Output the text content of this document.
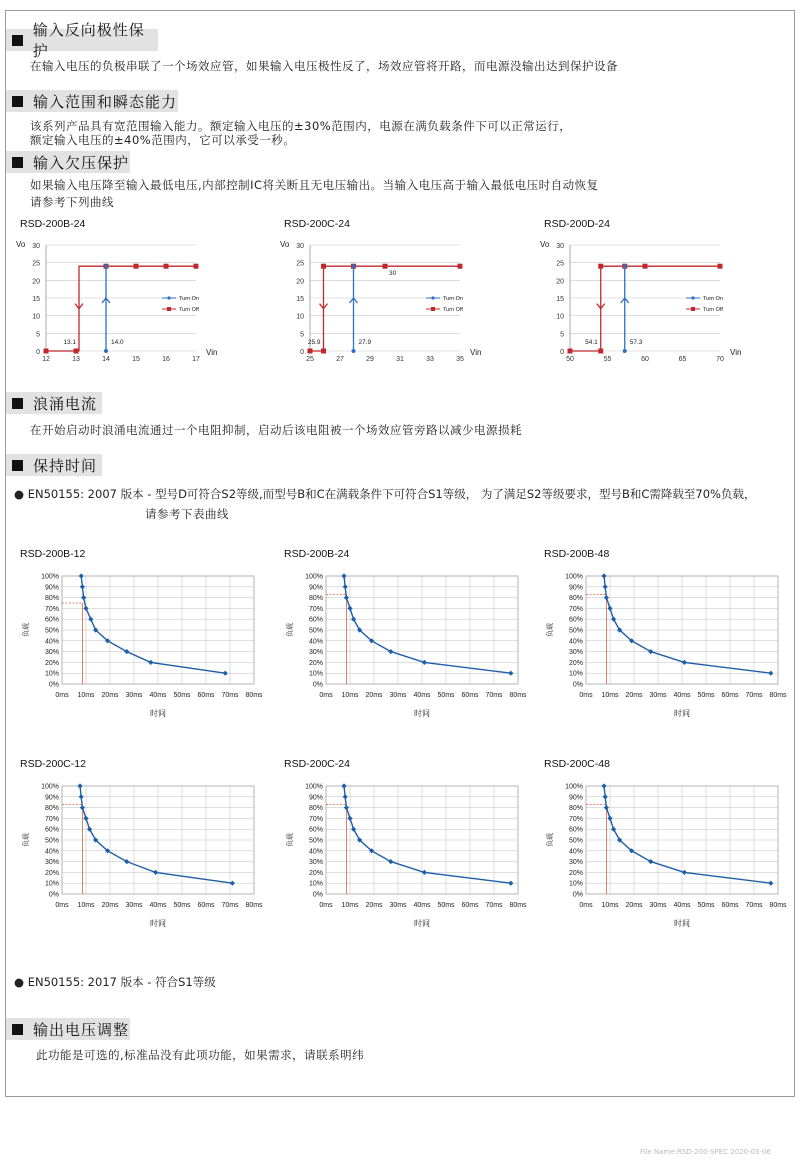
输入反向极性保护
在输入电压的负极串联了一个场效应管，如果输入电压极性反了，场效应管将开路，而电源没输出达到保护设备
输入范围和瞬态能力
该系列产品具有宽范围输入能力。额定输入电压的±30%范围内，电源在满负载条件下可以正常运行，
额定输入电压的±40%范围内，它可以承受一秒。
输入欠压保护
如果输入电压降至输入最低电压,内部控制IC将关断且无电压输出。当输入电压高于输入最低电压时自动恢复
请参考下列曲线
RSD-200B-24
0
5
10
15
20
25
30
12	13	14	15	16	17
Vo
Vin
13.1	14.0
Turn On
Turn Off
RSD-200C-24
0
5
10
15
20
25
30
25	27	29	31	33	35
Vo
Vin
25.9	27.9
30
Turn On
Turn Off
RSD-200D-24
0
5
10
15
20
25
30
50	55	60	65	70
Vo
Vin
54.1	57.3
Turn On
Turn Off
浪涌电流
在开始启动时浪涌电流通过一个电阻抑制，启动后该电阻被一个场效应管旁路以减少电源损耗
保持时间
● EN50155: 2007 版本 - 型号D可符合S2等级,而型号B和C在满载条件下可符合S1等级， 为了满足S2等级要求，型号B和C需降载至70%负载，
请参考下表曲线
RSD-200B-12
0%
10%
20%
30%
40%
50%
60%
70%
80%
90%
100%
0ms 10ms 20ms 30ms 40ms 50ms 60ms 70ms 80ms
负载
时间
RSD-200B-24
0%
10%
20%
30%
40%
50%
60%
70%
80%
90%
100%
0ms 10ms 20ms 30ms 40ms 50ms 60ms 70ms 80ms
负载
时间
RSD-200B-48
0%
10%
20%
30%
40%
50%
60%
70%
80%
90%
100%
0ms 10ms 20ms 30ms 40ms 50ms 60ms 70ms 80ms
负载
时间
RSD-200C-12
0%
10%
20%
30%
40%
50%
60%
70%
80%
90%
100%
0ms 10ms 20ms 30ms 40ms 50ms 60ms 70ms 80ms
负载
时间
RSD-200C-24
0%
10%
20%
30%
40%
50%
60%
70%
80%
90%
100%
0ms 10ms 20ms 30ms 40ms 50ms 60ms 70ms 80ms
负载
时间
RSD-200C-48
0%
10%
20%
30%
40%
50%
60%
70%
80%
90%
100%
0ms 10ms 20ms 30ms 40ms 50ms 60ms 70ms 80ms
负载
时间
● EN50155: 2017 版本 - 符合S1等级
输出电压调整
此功能是可选的,标准品没有此项功能，如果需求，请联系明纬
File Name:RSD-200-SPEC 2020-03-06
